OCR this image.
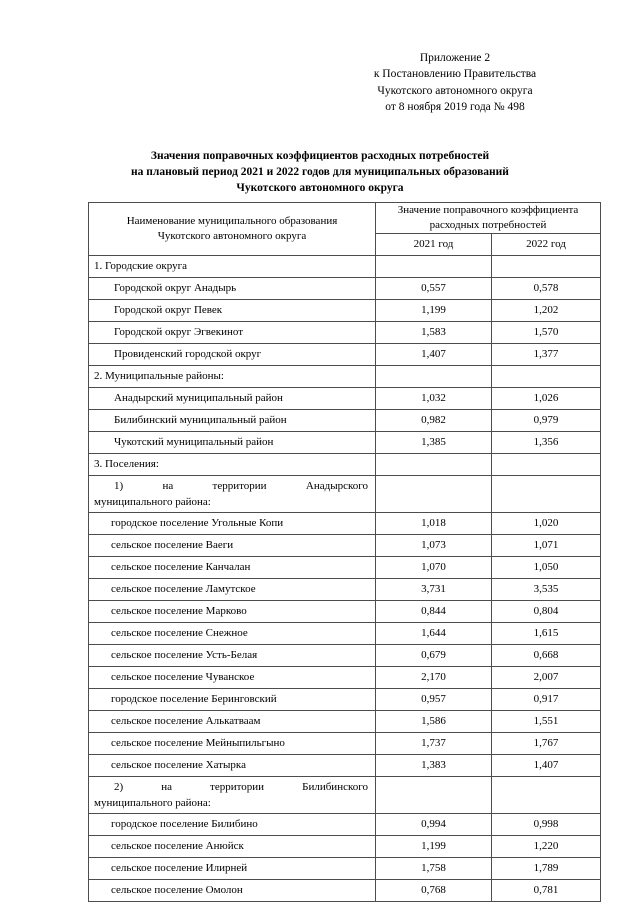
Приложение 2
к Постановлению Правительства
Чукотского автономного округа
от 8 ноября 2019 года № 498
Значения поправочных коэффициентов расходных потребностей
на плановый период 2021 и 2022 годов для муниципальных образований
Чукотского автономного округа
Наименование муниципального образования
Чукотского автономного округа	Значение поправочного коэффициента
расходных потребностей	
	2021 год	2022 год
1. Городские округа		
Городской округ Анадырь	0,557	0,578
Городской округ Певек	1,199	1,202
Городской округ Эгвекинот	1,583	1,570
Провиденский городской округ	1,407	1,377
2. Муниципальные районы:		
Анадырский муниципальный район	1,032	1,026
Билибинский муниципальный район	0,982	0,979
Чукотский муниципальный район	1,385	1,356
3. Поселения:		

1) на территории Анадырского
муниципального района:		

городское поселение Угольные Копи	1,018	1,020
сельское поселение Ваеги	1,073	1,071
сельское поселение Канчалан	1,070	1,050
сельское поселение Ламутское	3,731	3,535
сельское поселение Марково	0,844	0,804
сельское поселение Снежное	1,644	1,615
сельское поселение Усть-Белая	0,679	0,668
сельское поселение Чуванское	2,170	2,007
городское поселение Беринговский	0,957	0,917
сельское поселение Алькатваам	1,586	1,551
сельское поселение Мейныпильгыно	1,737	1,767
сельское поселение Хатырка	1,383	1,407

2) на территории Билибинского
муниципального района:		

городское поселение Билибино	0,994	0,998
сельское поселение Анюйск	1,199	1,220
сельское поселение Илирней	1,758	1,789
сельское поселение Омолон	0,768	0,781
